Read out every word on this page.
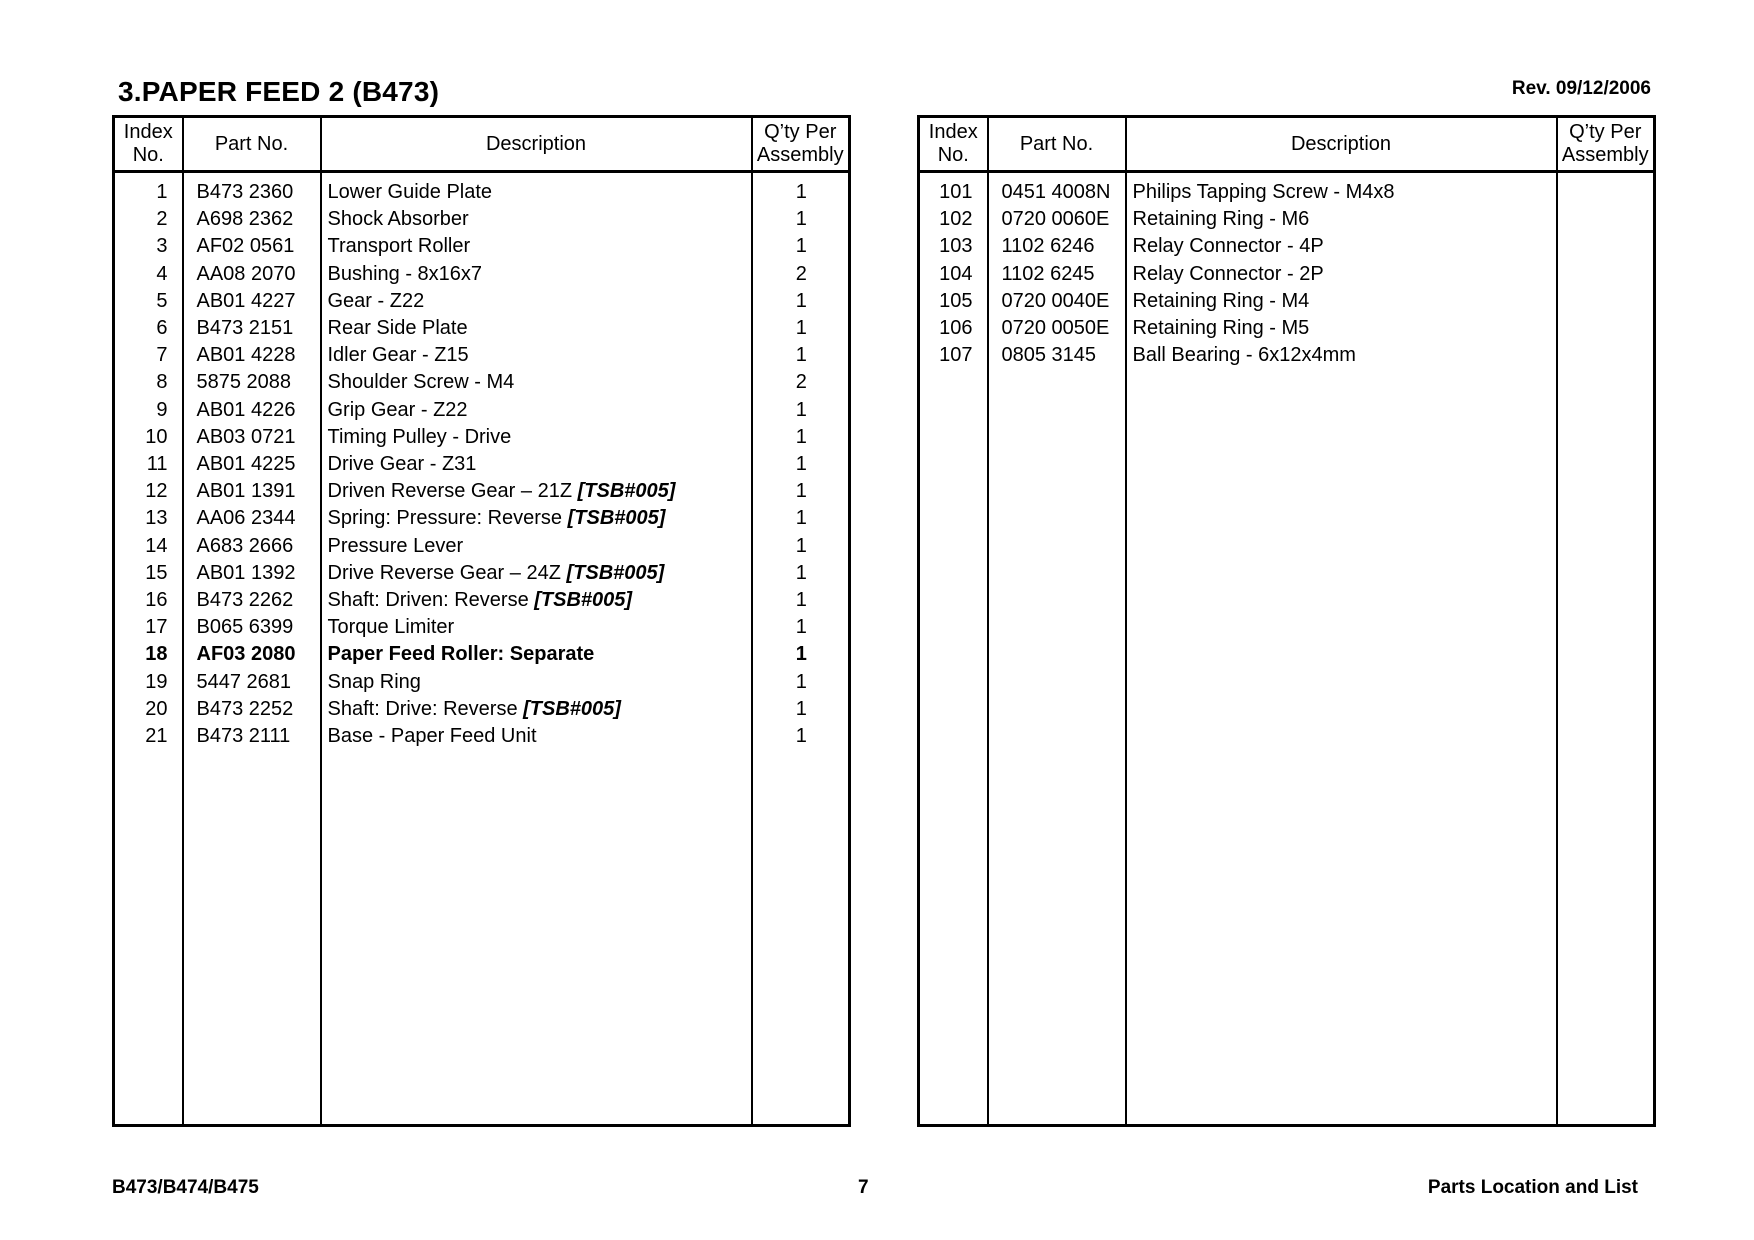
3.PAPER FEED 2 (B473)	Rev. 09/12/2006
Index
No.	Part No.	Description	Q’ty Per
Assembly
1	B473 2360	Lower Guide Plate	1
2	A698 2362	Shock Absorber	1
3	AF02 0561	Transport Roller	1
4	AA08 2070	Bushing - 8x16x7	2
5	AB01 4227	Gear - Z22	1
6	B473 2151	Rear Side Plate	1
7	AB01 4228	Idler Gear - Z15	1
8	5875 2088	Shoulder Screw - M4	2
9	AB01 4226	Grip Gear - Z22	1
10	AB03 0721	Timing Pulley - Drive	1
11	AB01 4225	Drive Gear - Z31	1
12	AB01 1391	Driven Reverse Gear – 21Z [TSB#005]	1
13	AA06 2344	Spring: Pressure: Reverse [TSB#005]	1
14	A683 2666	Pressure Lever	1
15	AB01 1392	Drive Reverse Gear – 24Z [TSB#005]	1
16	B473 2262	Shaft: Driven: Reverse [TSB#005]	1
17	B065 6399	Torque Limiter	1
18	AF03 2080	Paper Feed Roller: Separate	1
19	5447 2681	Snap Ring	1
20	B473 2252	Shaft: Drive: Reverse [TSB#005]	1
21	B473 2111	Base - Paper Feed Unit	1

Index
No.	Part No.	Description	Q’ty Per
Assembly
101	0451 4008N	Philips Tapping Screw - M4x8	
102	0720 0060E	Retaining Ring - M6	
103	1102 6246	Relay Connector - 4P	
104	1102 6245	Relay Connector - 2P	
105	0720 0040E	Retaining Ring - M4	
106	0720 0050E	Retaining Ring - M5	
107	0805 3145	Ball Bearing - 6x12x4mm	

B473/B474/B475	7	Parts Location and List
